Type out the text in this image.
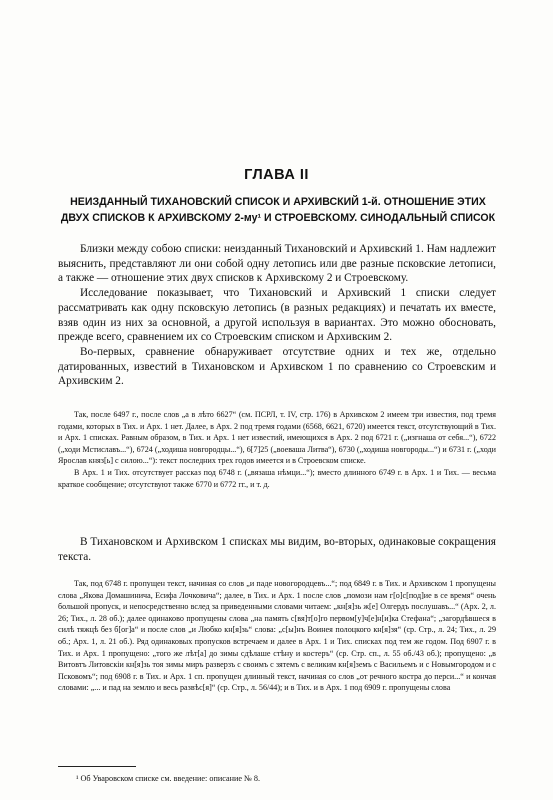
ГЛАВА II
НЕИЗДАННЫЙ ТИХАНОВСКИЙ СПИСОК И АРХИВСКИЙ 1-й. ОТНОШЕНИЕ ЭТИХ ДВУХ СПИСКОВ К АРХИВСКОМУ 2-му¹ И СТРОЕВСКОМУ. СИНОДАЛЬНЫЙ СПИСОК

Близки между собою списки: неизданный Тихановский и Архивский 1. Нам надлежит выяснить, представляют ли они собой одну летопись или две разные псковские летописи, а также — отношение этих двух списков к Архивскому 2 и Строевскому.

Исследование показывает, что Тихановский и Архивский 1 списки следует рассматривать как одну псковскую летопись (в разных редакциях) и печатать их вместе, взяв один из них за основной, а другой используя в вариантах. Это можно обосновать, прежде всего, сравнением их со Строевским списком и Архивским 2.

Во-первых, сравнение обнаруживает отсутствие одних и тех же, отдельно датированных, известий в Тихановском и Архивском 1 по сравнению со Строевским и Архивским 2.

Так, после 6497 г., после слов „а в лѣто 6627“ (см. ПСРЛ, т. IV, стр. 176) в Архивском 2 имеем три известия, под тремя годами, которых в Тих. и Арх. 1 нет. Далее, в Арх. 2 под тремя годами (6568, 6621, 6720) имеется текст, отсутствующий в Тих. и Арх. 1 списках. Равным образом, в Тих. и Арх. 1 нет известий, имеющихся в Арх. 2 под 6721 г. („изгнаша от себя...“), 6722 („ходи Мстиславъ...“), 6724 („ходиша новгородцы...“), 6[7]25 („воеваша Литва“), 6730 („ходиша новгороды...“) и 6731 г. („ходи Ярослав княз[ь] с силою...“): текст последних трех годов имеется и в Строевском списке.

В Арх. 1 и Тих. отсутствует рассказ под 6748 г. („вязаша нѣмци...“); вместо длинного 6749 г. в Арх. 1 и Тих. — весьма краткое сообщение; отсутствуют также 6770 и 6772 гг., и т. д.

В Тихановском и Архивском 1 списках мы видим, во-вторых, одинаковые сокращения текста.

Так, под 6748 г. пропущен текст, начиная со слов „и паде новогородцевъ...“; под 6849 г. в Тих. и Архивском 1 пропущены слова „Якова Домашинича, Есифа Лочковича“; далее, в Тих. и Арх. 1 после слов „помози нам г[о]с[под]ие в се время“ очень большой пропуск, и непосредственно вслед за приведенными словами читаем: „кн[я]зь ж[е] Олгердъ послушавъ...“ (Арх. 2, л. 26; Тих., л. 28 об.); далее одинаково пропущены слова „на память с[вя]т[о]го первом[у]ч[е]н[и]ка Стефана“; „загордѣвшеся в силѣ тяжцѣ без б[ог]а“ и после слов „и Любко кн[я]зь“ слова: „с[ы]нъ Воинея полоцкого кн[я]зя“ (ср. Стр., л. 24; Тих., л. 29 об.; Арх. 1, л. 21 об.). Ряд одинаковых пропусков встречаем и далее в Арх. 1 и Тих. списках под тем же годом. Под 6907 г. в Тих. и Арх. 1 пропущено: „того же лѣт[а] до зимы сдѣлаше стѣну и костеръ“ (ср. Стр. сп., л. 55 об./43 об.); пропущено: „в Витовтъ Литовскіи кн[я]зь тоя зимы миръ разверзъ с своимъ с зятемъ с великим кн[я]земъ с Васильемъ и с Новымгородом и с Псковомъ“; под 6908 г. в Тих. и Арх. 1 сп. пропущен длинный текст, начиная со слов „от речного костра до перси...“ и кончая словами: „... и пад на землю и весь развѣс[я]“ (ср. Стр., л. 56/44); и в Тих. и в Арх. 1 под 6909 г. пропущены слова

¹ Об Уваровском списке см. введение: описание № 8.
